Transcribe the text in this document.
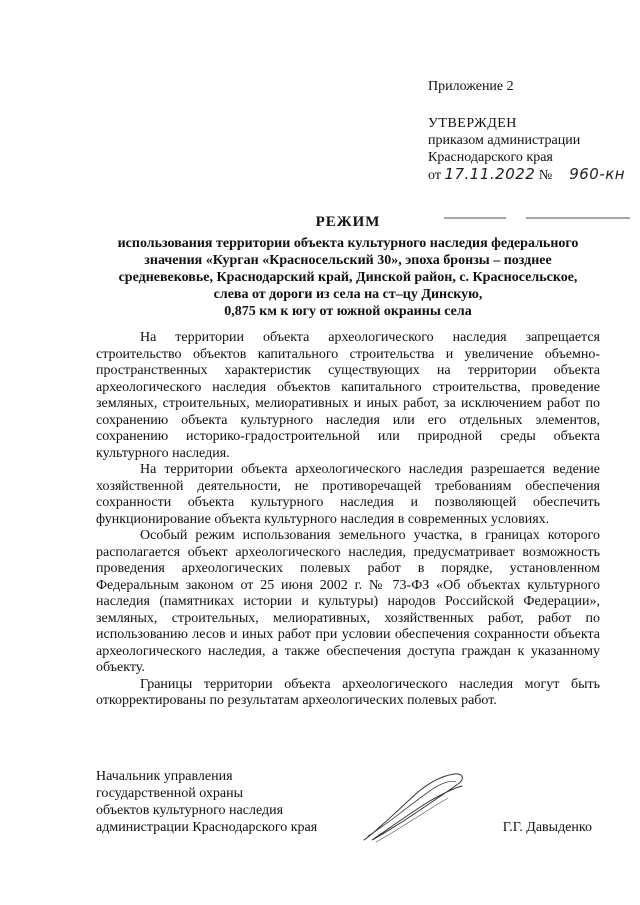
Приложение 2
УТВЕРЖДЕН
приказом администрации
Краснодарского края
от 17.11.2022 № 960-кн
РЕЖИМ
использования территории объекта культурного наследия федерального
значения «Курган «Красносельский 30», эпоха бронзы – позднее
средневековье, Краснодарский край, Динской район, с. Красносельское,
слева от дороги из села на ст–цу Динскую,
0,875 км к югу от южной окраины села

На территории объекта археологического наследия запрещается строительство объектов капитального строительства и увеличение объемно-пространственных характеристик существующих на территории объекта археологического наследия объектов капитального строительства, проведение земляных, строительных, мелиоративных и иных работ, за исключением работ по сохранению объекта культурного наследия или его отдельных элементов, сохранению историко-градостроительной или природной среды объекта культурного наследия.

На территории объекта археологического наследия разрешается ведение хозяйственной деятельности, не противоречащей требованиям обеспечения сохранности объекта культурного наследия и позволяющей обеспечить функционирование объекта культурного наследия в современных условиях.

Особый режим использования земельного участка, в границах которого располагается объект археологического наследия, предусматривает возможность проведения археологических полевых работ в порядке, установленном Федеральным законом от 25 июня 2002 г. № 73-ФЗ «Об объектах культурного наследия (памятниках истории и культуры) народов Российской Федерации», земляных, строительных, мелиоративных, хозяйственных работ, работ по использованию лесов и иных работ при условии обеспечения сохранности объекта археологического наследия, а также обеспечения доступа граждан к указанному объекту.

Границы территории объекта археологического наследия могут быть откорректированы по результатам археологических полевых работ.

Начальник управления
государственной охраны
объектов культурного наследия
администрации Краснодарского края	Г.Г. Давыденко
